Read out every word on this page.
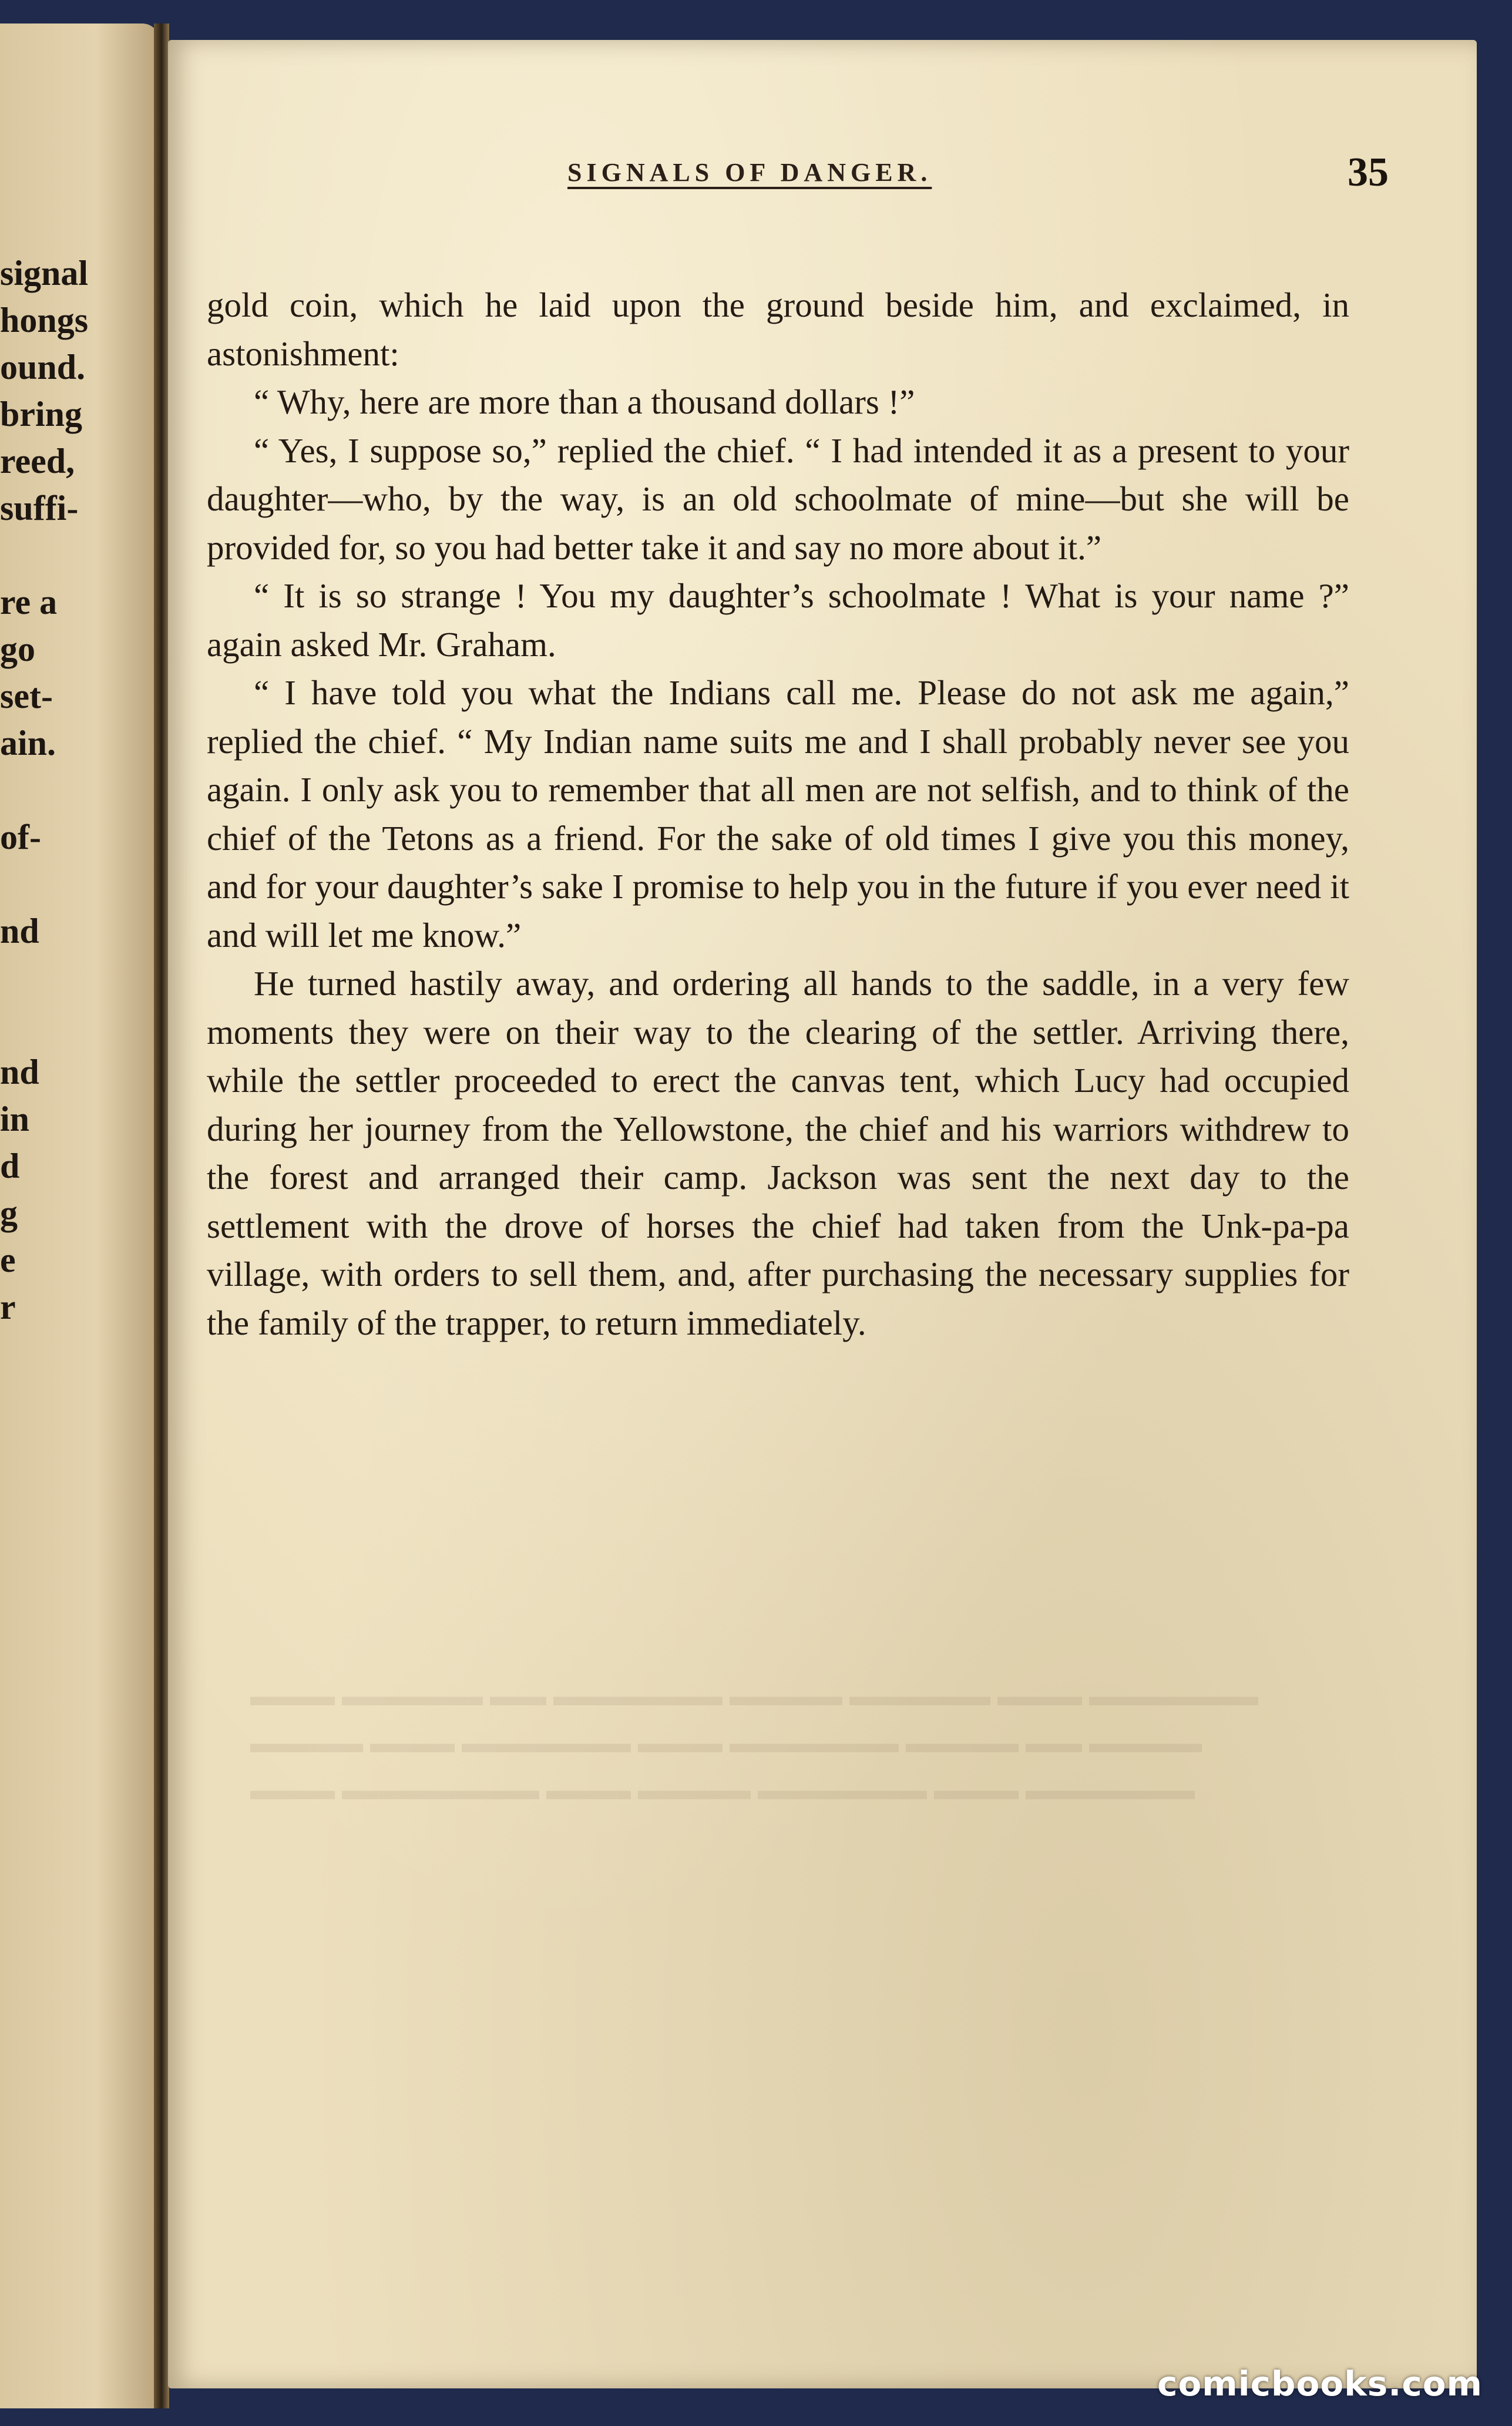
signal
hongs
ound.
bring
reed,
suffi-
re a
go
set-
ain.
of-
nd
nd
in
d
g
e
r
SIGNALS OF DANGER.	35

gold coin, which he laid upon the ground beside him, and exclaimed, in astonishment:

“ Why, here are more than a thousand dollars !”

“ Yes, I suppose so,” replied the chief. “ I had intended it as a present to your daughter—who, by the way, is an old schoolmate of mine—but she will be provided for, so you had better take it and say no more about it.”

“ It is so strange ! You my daughter’s schoolmate ! What is your name ?” again asked Mr. Graham.

“ I have told you what the Indians call me. Please do not ask me again,” replied the chief. “ My Indian name suits me and I shall probably never see you again. I only ask you to remember that all men are not selfish, and to think of the chief of the Tetons as a friend. For the sake of old times I give you this money, and for your daughter’s sake I promise to help you in the future if you ever need it and will let me know.”

He turned hastily away, and ordering all hands to the saddle, in a very few moments they were on their way to the clearing of the settler. Arriving there, while the settler proceeded to erect the canvas tent, which Lucy had occupied during her journey from the Yellowstone, the chief and his warriors withdrew to the forest and arranged their camp. Jackson was sent the next day to the settlement with the drove of horses the chief had taken from the Unk-pa-pa village, with orders to sell them, and, after purchasing the necessary supplies for the family of the trapper, to return immediately.

▬▬▬ ▬▬▬▬▬ ▬▬ ▬▬▬▬▬▬ ▬▬▬▬ ▬▬▬▬▬ ▬▬▬ ▬▬▬▬▬▬
▬▬▬▬ ▬▬▬ ▬▬▬▬▬▬ ▬▬▬ ▬▬▬▬▬▬ ▬▬▬▬ ▬▬ ▬▬▬▬
▬▬▬ ▬▬▬▬▬▬▬ ▬▬▬ ▬▬▬▬ ▬▬▬▬▬▬ ▬▬▬ ▬▬▬▬▬▬
comicbooks.com
